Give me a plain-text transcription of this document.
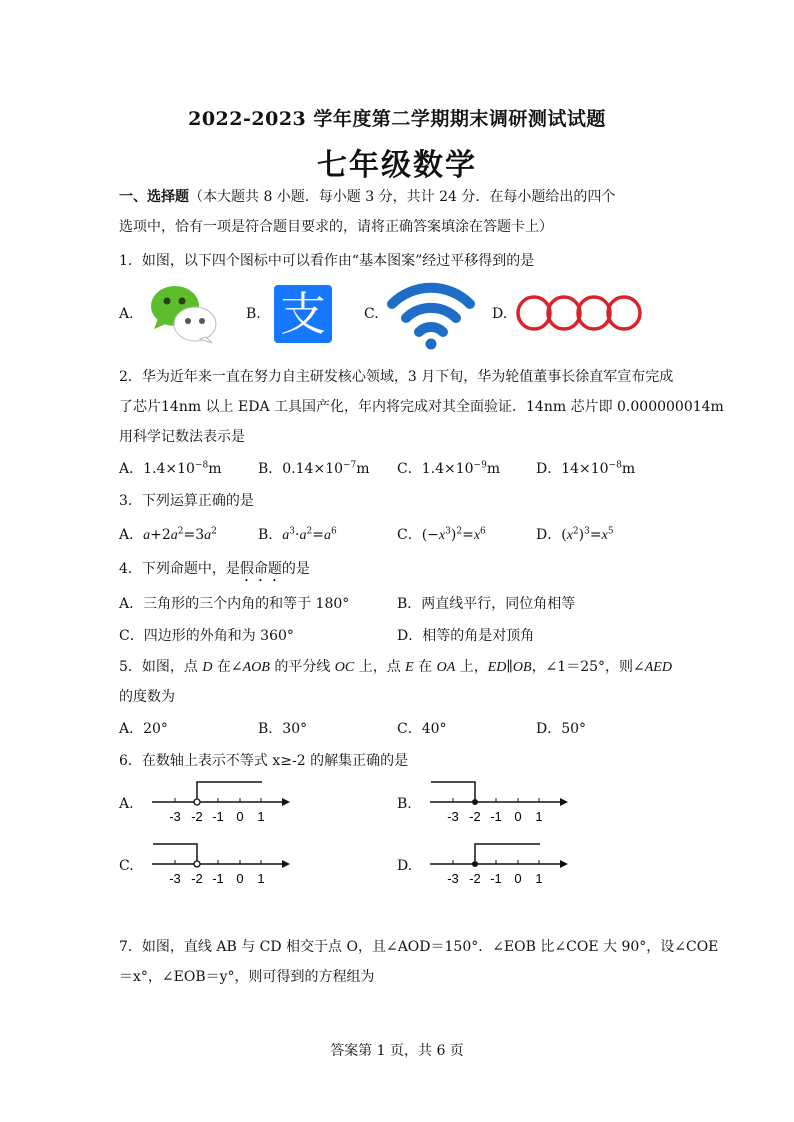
2022-2023 学年度第二学期期末调研测试试题
七年级数学
一、选择题（本大题共 8 小题．每小题 3 分，共计 24 分．在每小题给出的四个
选项中，恰有一项是符合题目要求的，请将正确答案填涂在答题卡上）
1．如图，以下四个图标中可以看作由“基本图案”经过平移得到的是
A.	B. 支	C.	D.
2．华为近年来一直在努力自主研发核心领域，3 月下旬，华为轮值董事长徐直军宣布完成
了芯片14nm 以上 EDA 工具国产化，年内将完成对其全面验证．14nm 芯片即 0.000000014m
用科学记数法表示是
A．$1.4\times 10^{-8}m$	B．$0.14\times 10^{-7}m$ C．$1.4\times 10^{-9}m$	D．$14\times 10^{-8}m$
3．下列运算正确的是
A．$a+2a^2=3a^2$	B．$a^3\cdot a^2=a^6$	C．$(-x^3)^2=x^6$	D．$(x^2)^3=x^5$
4．下列命题中，是假命题的是
A．三角形的三个内角的和等于 180°	B．两直线平行，同位角相等
C．四边形的外角和为 360°	D．相等的角是对顶角
5．如图，点 D 在∠AOB 的平分线 OC 上，点 E 在 OA 上，ED∥OB，∠1＝25°，则∠AED
的度数为
A．20°	B．30°	C．40°	D．50°
6．在数轴上表示不等式 x≥-2 的解集正确的是
A.
-3 -2 -1 0 1
B.
-3 -2 -1 0 1
C.
-3 -2 -1 0 1
D.
-3 -2 -1 0 1
7．如图，直线 AB 与 CD 相交于点 O，且∠AOD＝150°．∠EOB 比∠COE 大 90°，设∠COE
＝x°，∠EOB＝y°，则可得到的方程组为
答案第 1 页，共 6 页
